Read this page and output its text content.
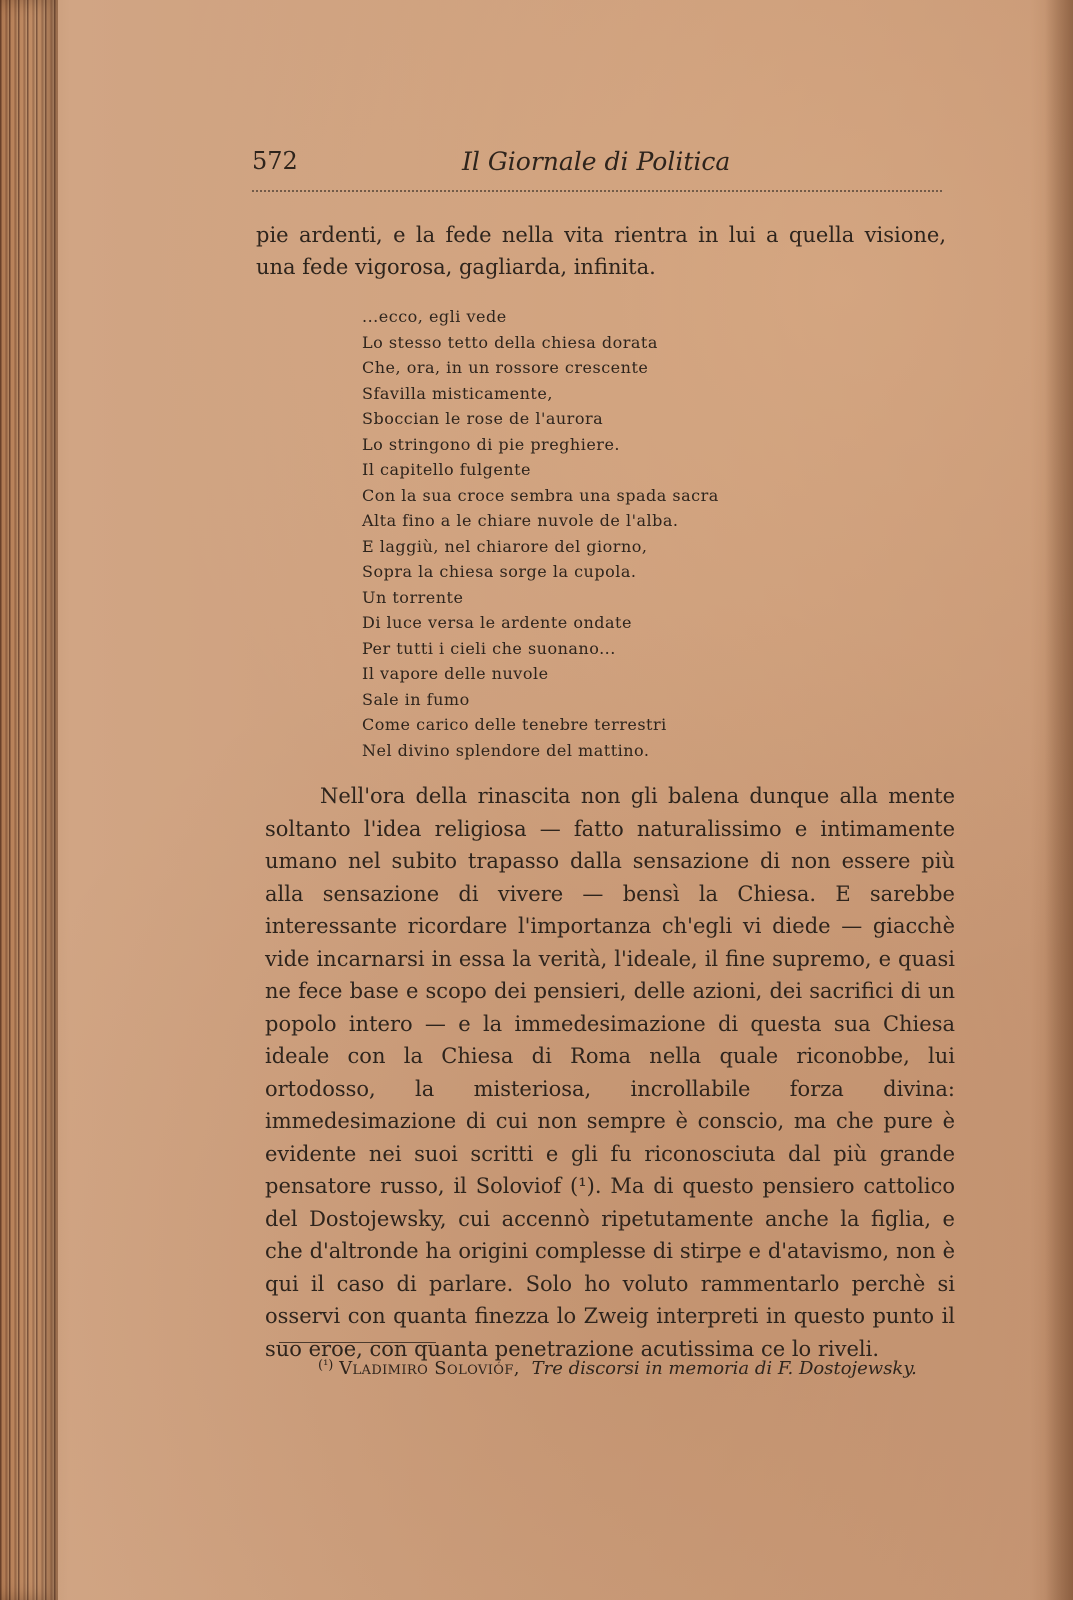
572	Il Giornale di Politica

pie ardenti, e la fede nella vita rientra in lui a quella visione, una fede vigorosa, gagliarda, infinita.

...ecco, egli vede
Lo stesso tetto della chiesa dorata
Che, ora, in un rossore crescente
Sfavilla misticamente,
Sboccian le rose de l'aurora
Lo stringono di pie preghiere.
Il capitello fulgente
Con la sua croce sembra una spada sacra
Alta fino a le chiare nuvole de l'alba.
E laggiù, nel chiarore del giorno,
Sopra la chiesa sorge la cupola.
Un torrente
Di luce versa le ardente ondate
Per tutti i cieli che suonano...
Il vapore delle nuvole
Sale in fumo
Come carico delle tenebre terrestri
Nel divino splendore del mattino.

Nell'ora della rinascita non gli balena dunque alla mente soltanto l'idea religiosa — fatto naturalissimo e intimamente umano nel subito trapasso dalla sensazione di non essere più alla sensazione di vivere — bensì la Chiesa. E sarebbe interessante ricordare l'importanza ch'egli vi diede — giacchè vide incarnarsi in essa la verità, l'ideale, il fine supremo, e quasi ne fece base e scopo dei pensieri, delle azioni, dei sacrifici di un popolo intero — e la immedesimazione di questa sua Chiesa ideale con la Chiesa di Roma nella quale riconobbe, lui ortodosso, la misteriosa, incrollabile forza divina: immedesimazione di cui non sempre è conscio, ma che pure è evidente nei suoi scritti e gli fu riconosciuta dal più grande pensatore russo, il Soloviof (¹). Ma di questo pensiero cattolico del Dostojewsky, cui accennò ripetutamente anche la figlia, e che d'altronde ha origini complesse di stirpe e d'atavismo, non è qui il caso di parlare. Solo ho voluto rammentarlo perchè si osservi con quanta finezza lo Zweig interpreti in questo punto il suo eroe, con quanta penetrazione acutissima ce lo riveli.

$^{(^1)}$ Vladimiro Solovióf, Tre discorsi in memoria di F. Dostojewsky.
